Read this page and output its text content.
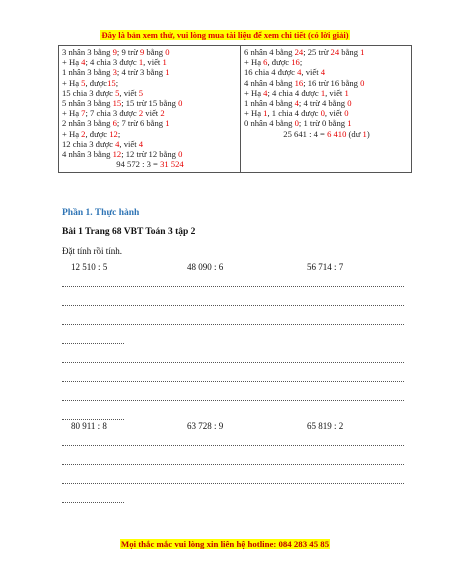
Đây là bản xem thử, vui lòng mua tài liệu để xem chi tiết (có lời giải)
3 nhân 3 bằng 9; 9 trừ 9 bằng 0
+ Hạ 4; 4 chia 3 được 1, viết 1
1 nhân 3 bằng 3; 4 trừ 3 bằng 1
+ Hạ 5, được15;
15 chia 3 được 5, viết 5
5 nhân 3 bằng 15; 15 trừ 15 bằng 0
+ Hạ 7; 7 chia 3 được 2 viết 2
2 nhân 3 bằng 6; 7 trừ 6 bằng 1
+ Hạ 2, được 12;
12 chia 3 được 4, viết 4
4 nhân 3 bằng 12; 12 trừ 12 bằng 0
94 572 : 3 = 31 524

6 nhân 4 bằng 24; 25 trừ 24 bằng 1
+ Hạ 6, được 16;
16 chia 4 được 4, viết 4
4 nhân 4 bằng 16; 16 trừ 16 bằng 0
+ Hạ 4; 4 chia 4 được 1, viết 1
1 nhân 4 bằng 4; 4 trừ 4 bằng 0
+ Hạ 1, 1 chia 4 được 0, viết 0
0 nhân 4 bằng 0; 1 trừ 0 bằng 1
25 641 : 4 = 6 410 (dư 1)
Phần 1. Thực hành
Bài 1 Trang 68 VBT Toán 3 tập 2
Đặt tính rồi tính.
12 510 : 5	48 090 : 6	56 714 : 7
80 911 : 8	63 728 : 9	65 819 : 2
Mọi thắc mắc vui lòng xin liên hệ hotline: 084 283 45 85
